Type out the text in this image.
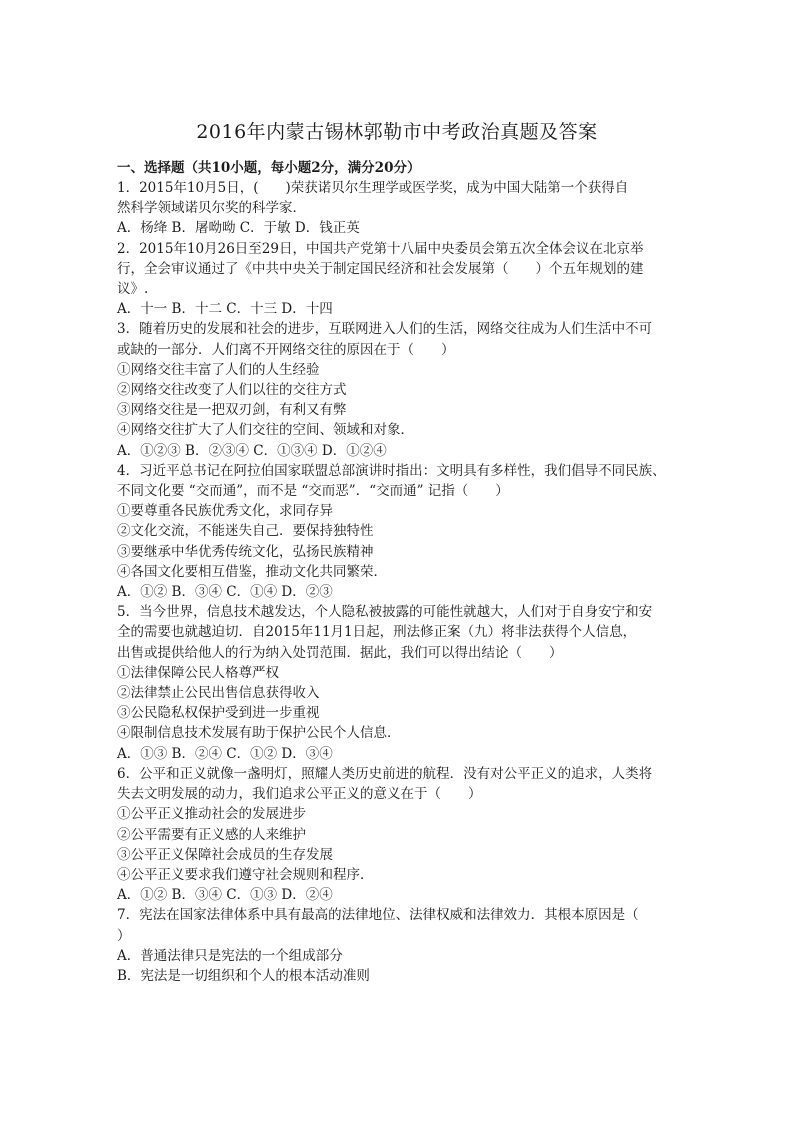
2016年内蒙古锡林郭勒市中考政治真题及答案

一、选择题（共10小题，每小题2分，满分20分）

1．2015年10月5日，(　　)荣获诺贝尔生理学或医学奖，成为中国大陆第一个获得自

然科学领域诺贝尔奖的科学家．

A．杨绛 B．屠呦呦 C．于敏 D．钱正英

2．2015年10月26日至29日，中国共产党第十八届中央委员会第五次全体会议在北京举

行，全会审议通过了《中共中央关于制定国民经济和社会发展第（　　）个五年规划的建

议》.

A．十一 B．十二 C．十三 D．十四

3．随着历史的发展和社会的进步，互联网进入人们的生活，网络交往成为人们生活中不可

或缺的一部分．人们离不开网络交往的原因在于（　　）

①网络交往丰富了人们的人生经验

②网络交往改变了人们以往的交往方式

③网络交往是一把双刃剑，有利又有弊

④网络交往扩大了人们交往的空间、领域和对象．

A．①②③ B．②③④ C．①③④ D．①②④

4．习近平总书记在阿拉伯国家联盟总部演讲时指出：文明具有多样性，我们倡导不同民族、

不同文化要 “交而通”，而不是 “交而恶”．“交而通” 记指（　　）

①要尊重各民族优秀文化，求同存异

②文化交流，不能迷失自己．要保持独特性

③要继承中华优秀传统文化，弘扬民族精神

④各国文化要相互借鉴，推动文化共同繁荣．

A．①② B．③④ C．①④ D．②③

5．当今世界，信息技术越发达，个人隐私被披露的可能性就越大，人们对于自身安宁和安

全的需要也就越迫切．自2015年11月1日起，刑法修正案（九）将非法获得个人信息，

出售或提供给他人的行为纳入处罚范围．据此，我们可以得出结论（　　）

①法律保障公民人格尊严权

②法律禁止公民出售信息获得收入

③公民隐私权保护受到进一步重视

④限制信息技术发展有助于保护公民个人信息．

A．①③ B．②④ C．①② D．③④

6．公平和正义就像一盏明灯，照耀人类历史前进的航程．没有对公平正义的追求，人类将

失去文明发展的动力，我们追求公平正义的意义在于（　　）

①公平正义推动社会的发展进步

②公平需要有正义感的人来维护

③公平正义保障社会成员的生存发展

④公平正义要求我们遵守社会规则和程序．

A．①② B．③④ C．①③ D．②④

7．宪法在国家法律体系中具有最高的法律地位、法律权威和法律效力．其根本原因是（

）

A．普通法律只是宪法的一个组成部分

B．宪法是一切组织和个人的根本活动准则
